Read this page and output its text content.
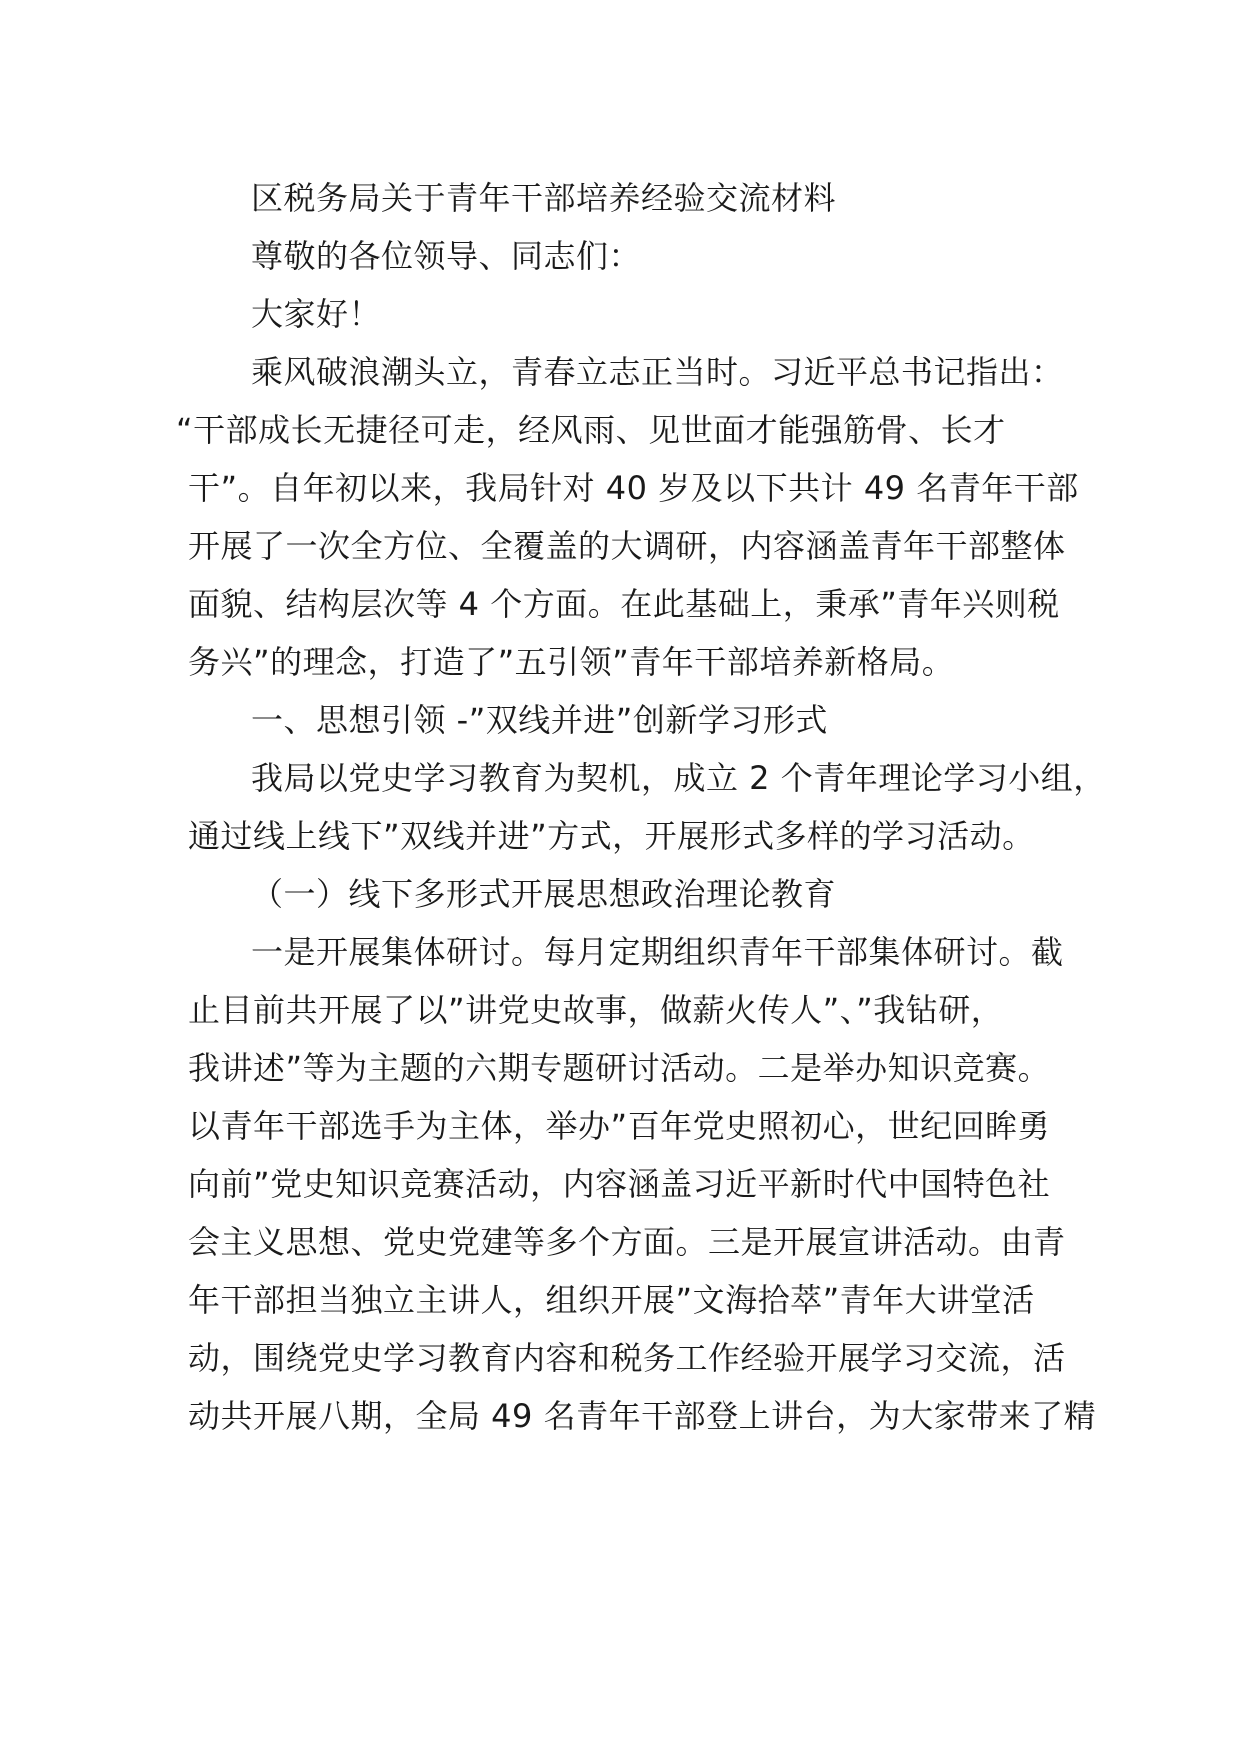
区税务局关于青年干部培养经验交流材料
尊敬的各位领导、同志们：
大家好！
乘风破浪潮头立，青春立志正当时。习近平总书记指出：
“干部成长无捷径可走，经风雨、见世面才能强筋骨、长才
干”。自年初以来，我局针对 40 岁及以下共计 49 名青年干部
开展了一次全方位、全覆盖的大调研，内容涵盖青年干部整体
面貌、结构层次等 4 个方面。在此基础上，秉承”青年兴则税
务兴”的理念，打造了”五引领”青年干部培养新格局。
一、思想引领 -”双线并进”创新学习形式
我局以党史学习教育为契机，成立 2 个青年理论学习小组，
通过线上线下”双线并进”方式，开展形式多样的学习活动。
（一）线下多形式开展思想政治理论教育
一是开展集体研讨。每月定期组织青年干部集体研讨。截
止目前共开展了以”讲党史故事，做薪火传人”、”我钻研，
我讲述”等为主题的六期专题研讨活动。二是举办知识竞赛。
以青年干部选手为主体，举办”百年党史照初心，世纪回眸勇
向前”党史知识竞赛活动，内容涵盖习近平新时代中国特色社
会主义思想、党史党建等多个方面。三是开展宣讲活动。由青
年干部担当独立主讲人，组织开展”文海拾萃”青年大讲堂活
动，围绕党史学习教育内容和税务工作经验开展学习交流，活
动共开展八期，全局 49 名青年干部登上讲台，为大家带来了精
